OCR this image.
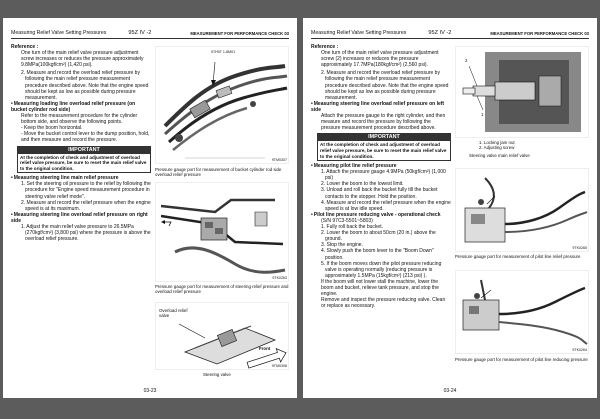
Measuring Relief Valve Setting Pressures	95Z IV -2	MEASUREMENT FOR PERFORMANCE CHECK 03

Reference :

One turn of the main relief valve pressure adjustment screw increases or reduces the pressure approximately 9.8MPa(100kgf/cm²) (1,420 psi).

2. Measure and record the overload relief pressure by following the main relief pressure measurement procedure described above. Note that the engine speed should be kept as low as possible during pressure measurement.

• Measuring loading line overload relief pressure (on bucket cylinder rod side)

Refer to the measurement procedure for the cylinder bottom side, and observe the following points.

- Keep the boom horizontal.

- Move the bucket control lever to the dump position, hold, and then measure and record the pressure.

IMPORTANT
At the completion of check and adjustment of overload relief valve pressure, be sure to reset the main relief valve to the original condition.

• Measuring steering line main relief pressure

1. Set the steering oil pressure to the relief by following the procedure for "Engine speed measurement procedure in steering valve relief mode".

2. Measure and record the relief pressure when the engine speed is at its maximum.

• Measuring steering line overload relief pressure on right side

1. Adjust the main relief valve pressure to 26.5MPa (270kgf/cm²) (3,800 psi) where the pressure is above the overload relief pressure.

9TH0T 1-8M01
9TM0307
Pressure gauge port for measurement of bucket cylinder rod side overload relief pressure
9TK0263
Pressure gauge port for measurement of steering relief pressure and overload relief pressure
Overload relief valve
Front
9TM0308
Steering valve
03-23
Measuring Relief Valve Setting Pressures	95Z IV -2	MEASUREMENT FOR PERFORMANCE CHECK 03

Reference :

One turn of the main relief valve pressure adjustment screw (2) increases or reduces the pressure approximately 17.7MPa(180kgf/cm²) (2,560 psi).

2. Measure and record the overload relief pressure by following the main relief pressure measurement procedure described above. Note that the engine speed should be kept as low as possible during pressure measurement.

• Measuring steering line overload relief pressure on left side

Attach the pressure gauge to the right cylinder, and then measure and record the pressure by following the pressure measurement procedure described above.

IMPORTANT
At the completion of check and adjustment of overload relief valve pressure, be sure to reset the main relief valve to the original condition.

• Measuring pilot line relief pressure

1. Attach the pressure gauge 4.9MPa (50kgf/cm²) (1,000 psi)

2. Lower the boom to the lowest limit.

3. Unload and roll back the bucket fully till the bucket contacts to the stopper. Hold the position.

4. Measure and record the relief pressure when the engine speed is at low idle speed.

• Pilot line pressure reducing valve - operational check

(S/N 97C3-5501~5803)

1. Fully roll back the bucket.

2. Lower the boom to about 50cm (20 in.) above the ground.

3. Stop the engine.

4. Slowly push the boom lever to the "Boom Down" position.

5. If the boom moves down the pilot pressure reducing valve is operating normally (reducing pressure is approximately 1.5MPa (15kgf/cm²) (213 psi) ).

If the boom will not lower stall the machine, lower the boom and bucket, relieve tank pressure, and stop the engine.

Remove and inspect the pressure reducing valve. Clean or replace as necessary.

2
1
1. Locking jam nut
2. Adjusting screw
Steering valve main relief valve
9TK0265
Pressure gauge port for measurement of pilot line relief pressure
9TK0264
Pressure gauge port for measurement of pilot line reducing pressure
03-24
